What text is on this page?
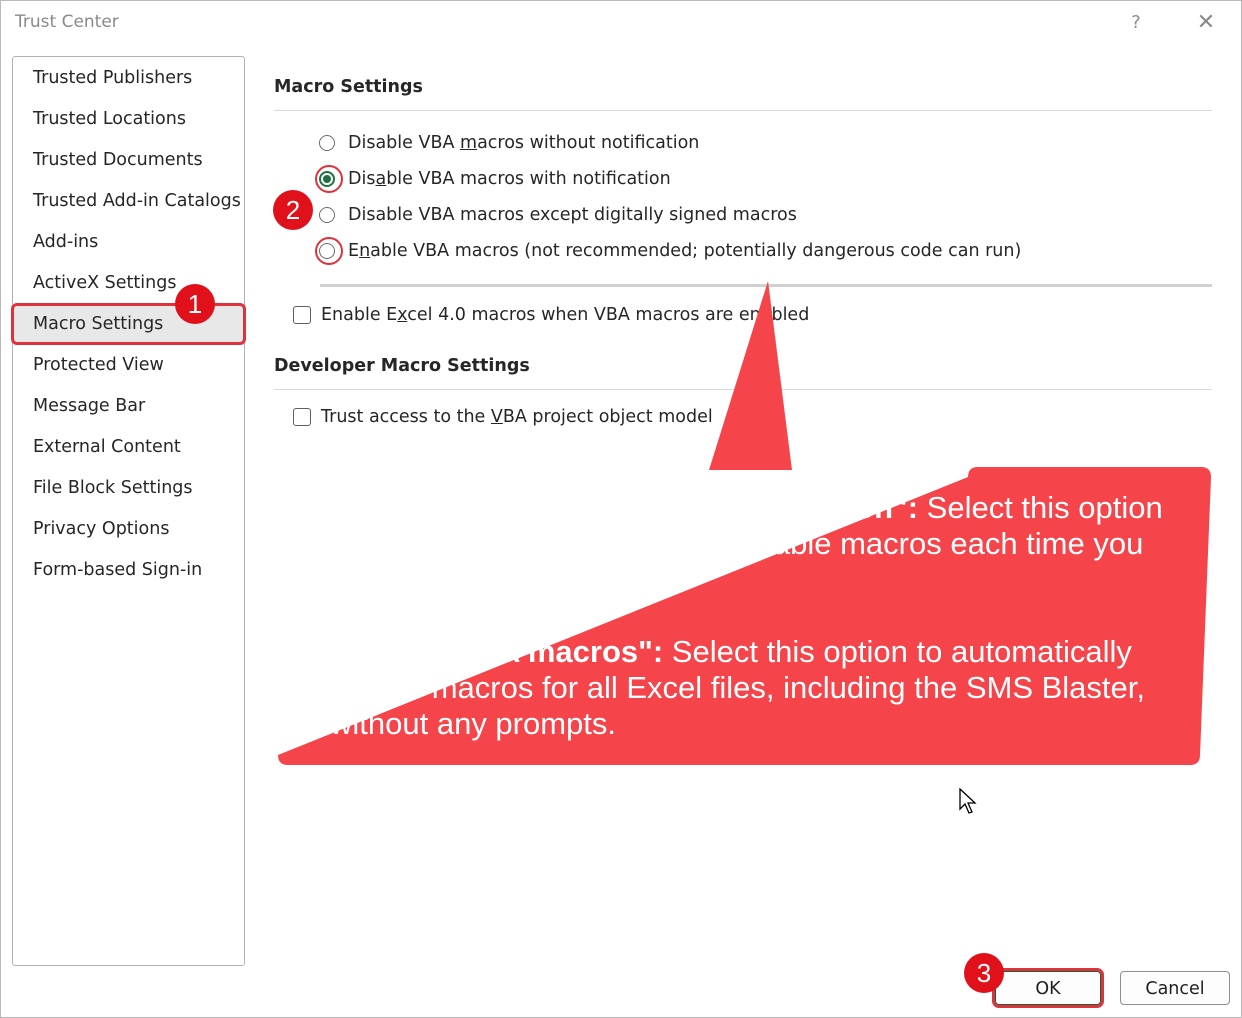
Trust Center	?	✕
Trusted Publishers
Trusted Locations
Trusted Documents
Trusted Add-in Catalogs
Add-ins
ActiveX Settings
Macro Settings
Protected View
Message Bar
External Content
File Block Settings
Privacy Options
Form-based Sign-in
Macro Settings
Disable VBA macros without notification
Disable VBA macros with notification
Disable VBA macros except digitally signed macros
Enable VBA macros (not recommended; potentially dangerous code can run)
Enable Excel 4.0 macros when VBA macros are enabled
Developer Macro Settings
Trust access to the VBA project object model

"Disable VBA macros with notification": Select this option if you want to be prompted to enable macros each time you open the file.

"Enable VBA macros": Select this option to automatically enable macros for all Excel files, including the SMS Blaster, without any prompts.

1
2
OK	Cancel
3
